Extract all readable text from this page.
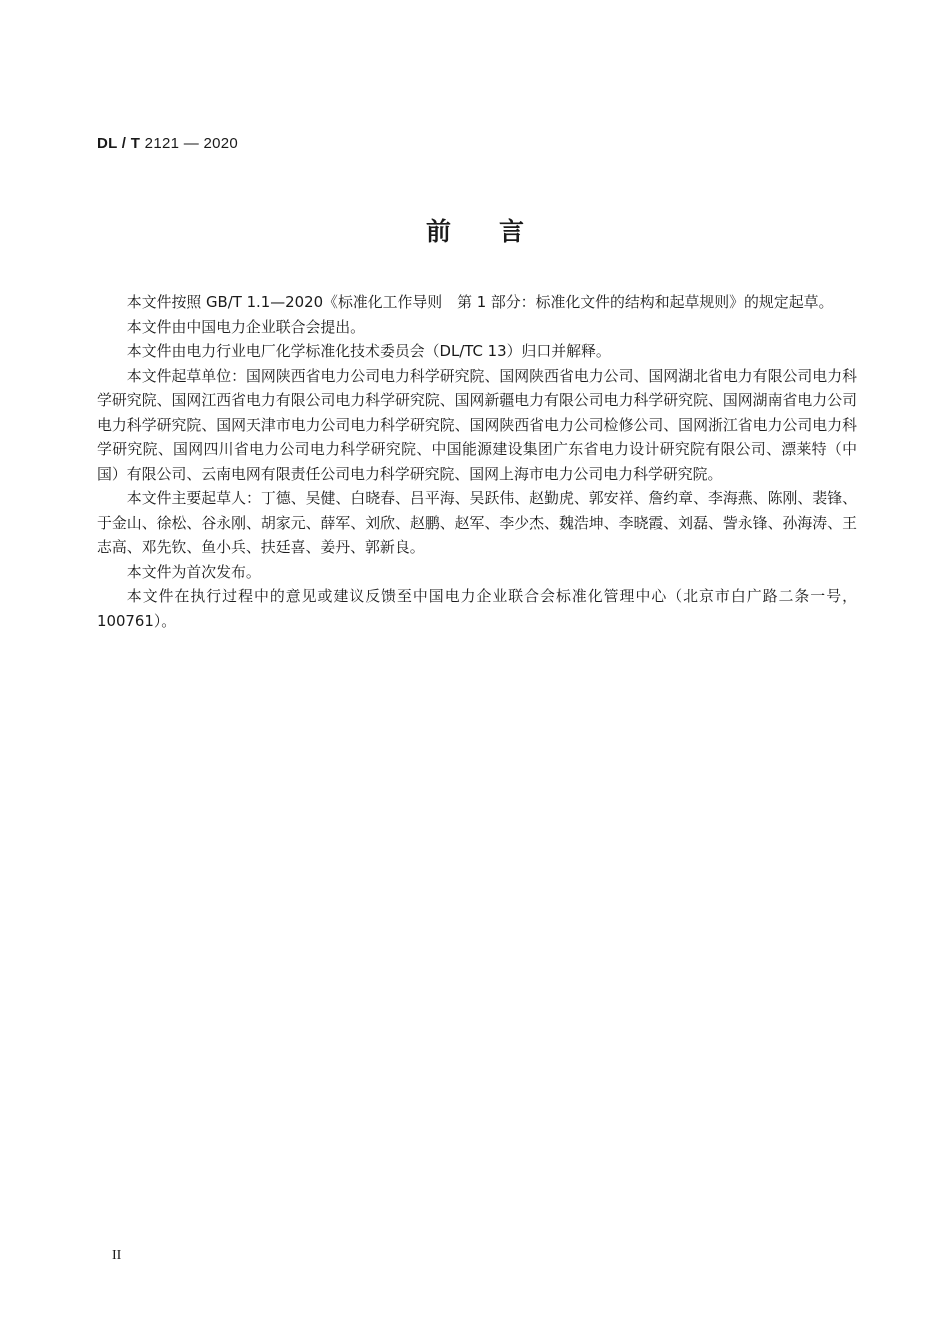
DL / T 2121 — 2020
前言

本文件按照 GB/T 1.1—2020《标准化工作导则　第 1 部分：标准化文件的结构和起草规则》的规定起草。

本文件由中国电力企业联合会提出。

本文件由电力行业电厂化学标准化技术委员会（DL/TC 13）归口并解释。

本文件起草单位：国网陕西省电力公司电力科学研究院、国网陕西省电力公司、国网湖北省电力有限公司电力科学研究院、国网江西省电力有限公司电力科学研究院、国网新疆电力有限公司电力科学研究院、国网湖南省电力公司电力科学研究院、国网天津市电力公司电力科学研究院、国网陕西省电力公司检修公司、国网浙江省电力公司电力科学研究院、国网四川省电力公司电力科学研究院、中国能源建设集团广东省电力设计研究院有限公司、漂莱特（中国）有限公司、云南电网有限责任公司电力科学研究院、国网上海市电力公司电力科学研究院。

本文件主要起草人：丁德、吴健、白晓春、吕平海、吴跃伟、赵勤虎、郭安祥、詹约章、李海燕、陈刚、裴锋、于金山、徐松、谷永刚、胡家元、薛军、刘欣、赵鹏、赵军、李少杰、魏浩坤、李晓霞、刘磊、訾永锋、孙海涛、王志高、邓先钦、鱼小兵、扶廷喜、姜丹、郭新良。

本文件为首次发布。

本文件在执行过程中的意见或建议反馈至中国电力企业联合会标准化管理中心（北京市白广路二条一号，100761）。

II
